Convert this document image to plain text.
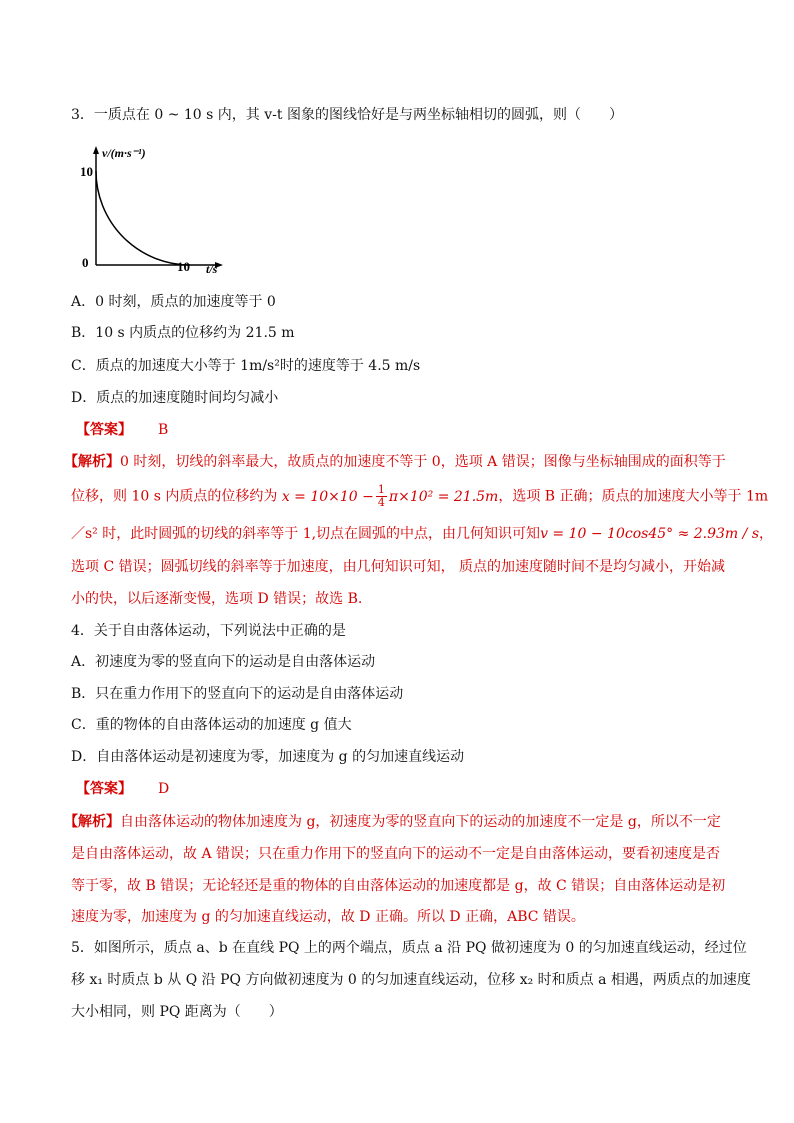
3．一质点在 0 ~ 10 s 内，其 v-t 图象的图线恰好是与两坐标轴相切的圆弧，则（　　）
v/(m·s⁻¹)
10
0	10 t/s
A．0 时刻，质点的加速度等于 0
B．10 s 内质点的位移约为 21.5 m
C．质点的加速度大小等于 1m/s²时的速度等于 4.5 m/s
D．质点的加速度随时间均匀减小
【答案】 B
【解析】0 时刻，切线的斜率最大，故质点的加速度不等于 0，选项 A 错误；图像与坐标轴围成的面积等于
位移，则 10 s 内质点的位移约为 $x = 10\times 10 - \frac{1}{4} \pi\times 10^2 = 21.5m$，选项 B 正确；质点的加速度大小等于 1m
／s² 时，此时圆弧的切线的斜率等于 1,切点在圆弧的中点，由几何知识可知v = 10 − 10cos45° ≈ 2.93m / s，
选项 C 错误；圆弧切线的斜率等于加速度，由几何知识可知， 质点的加速度随时间不是均匀减小，开始减
小的快，以后逐渐变慢，选项 D 错误；故选 B.
4．关于自由落体运动，下列说法中正确的是
A．初速度为零的竖直向下的运动是自由落体运动
B．只在重力作用下的竖直向下的运动是自由落体运动
C．重的物体的自由落体运动的加速度 g 值大
D．自由落体运动是初速度为零，加速度为 g 的匀加速直线运动
【答案】 D
【解析】自由落体运动的物体加速度为 g，初速度为零的竖直向下的运动的加速度不一定是 g，所以不一定
是自由落体运动，故 A 错误；只在重力作用下的竖直向下的运动不一定是自由落体运动，要看初速度是否
等于零，故 B 错误；无论轻还是重的物体的自由落体运动的加速度都是 g，故 C 错误；自由落体运动是初
速度为零，加速度为 g 的匀加速直线运动，故 D 正确。所以 D 正确，ABC 错误。
5．如图所示，质点 a、b 在直线 PQ 上的两个端点，质点 a 沿 PQ 做初速度为 0 的匀加速直线运动，经过位
移 x₁ 时质点 b 从 Q 沿 PQ 方向做初速度为 0 的匀加速直线运动，位移 x₂ 时和质点 a 相遇，两质点的加速度
大小相同，则 PQ 距离为（　　）
